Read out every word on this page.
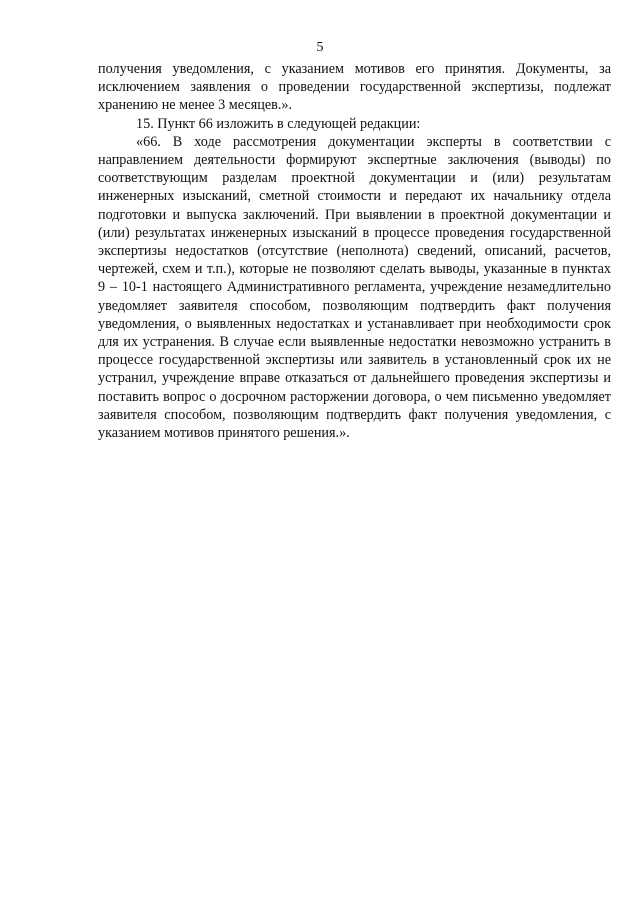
5

получения уведомления, с указанием мотивов его принятия. Документы, за исключением заявления о проведении государственной экспертизы, подлежат хранению не менее 3 месяцев.».

15. Пункт 66 изложить в следующей редакции:

«66. В ходе рассмотрения документации эксперты в соответствии с направлением деятельности формируют экспертные заключения (выводы) по соответствующим разделам проектной документации и (или) результатам инженерных изысканий, сметной стоимости и передают их начальнику отдела подготовки и выпуска заключений. При выявлении в проектной документации и (или) результатах инженерных изысканий в процессе проведения государственной экспертизы недостатков (отсутствие (неполнота) сведений, описаний, расчетов, чертежей, схем и т.п.), которые не позволяют сделать выводы, указанные в пунктах 9 – 10-1 настоящего Административного регламента, учреждение незамедлительно уведомляет заявителя способом, позволяющим подтвердить факт получения уведомления, о выявленных недостатках и устанавливает при необходимости срок для их устранения. В случае если выявленные недостатки невозможно устранить в процессе государственной экспертизы или заявитель в установленный срок их не устранил, учреждение вправе отказаться от дальнейшего проведения экспертизы и поставить вопрос о досрочном расторжении договора, о чем письменно уведомляет заявителя способом, позволяющим подтвердить факт получения уведомления, с указанием мотивов принятого решения.».
